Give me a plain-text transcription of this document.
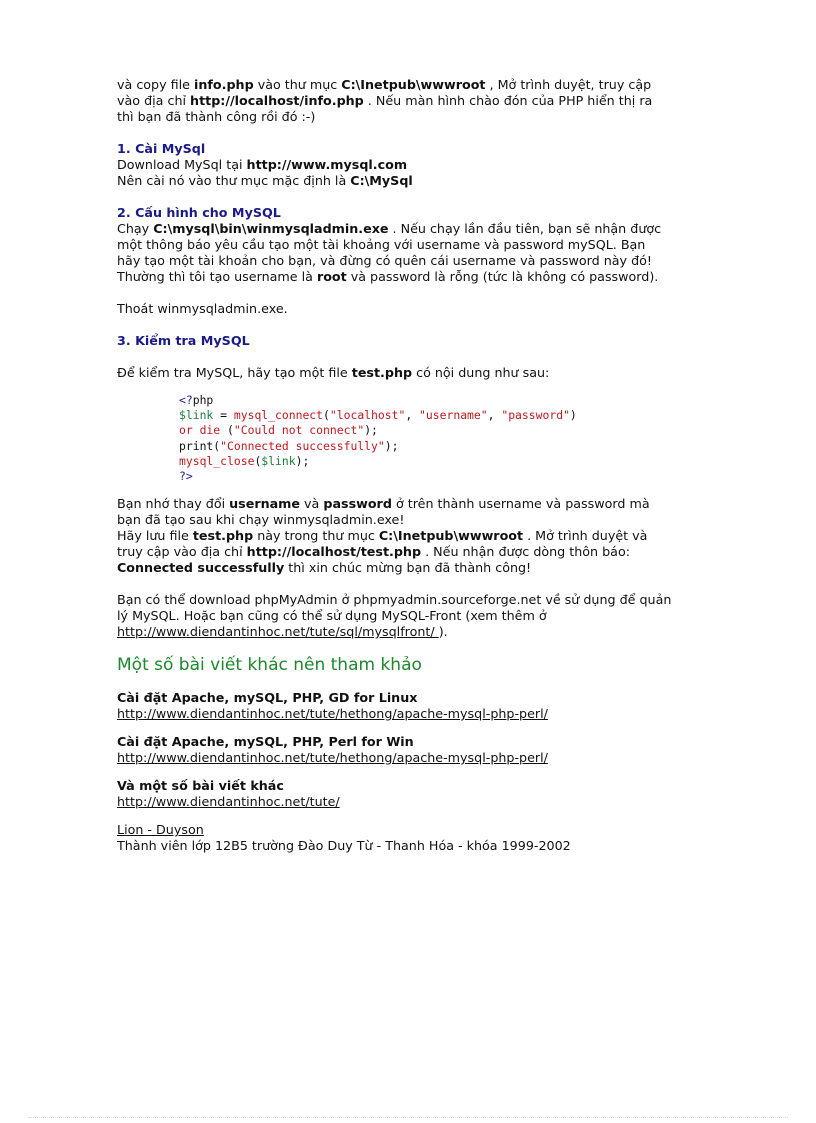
và copy file info.php vào thư mục C:\Inetpub\wwwroot , Mở trình duyệt, truy cập

vào địa chỉ http://localhost/info.php . Nếu màn hình chào đón của PHP hiển thị ra

thì bạn đã thành công rồi đó :-)

1. Cài MySql

Download MySql tại http://www.mysql.com

Nên cài nó vào thư mục mặc định là C:\MySql

2. Cấu hình cho MySQL

Chạy C:\mysql\bin\winmysqladmin.exe . Nếu chạy lần đầu tiên, bạn sẽ nhận được

một thông báo yêu cầu tạo một tài khoảng với username và password mySQL. Bạn

hãy tạo một tài khoản cho bạn, và đừng có quên cái username và password này đó!

Thường thì tôi tạo username là root và password là rỗng (tức là không có password).

Thoát winmysqladmin.exe.

3. Kiểm tra MySQL

Để kiểm tra MySQL, hãy tạo một file test.php có nội dung như sau:

<?php
$link = mysql_connect("localhost", "username", "password")
or die ("Could not connect");
print("Connected successfully");
mysql_close($link);
?>

Bạn nhớ thay đổi username và password ở trên thành username và password mà

bạn đã tạo sau khi chạy winmysqladmin.exe!

Hãy lưu file test.php này trong thư mục C:\Inetpub\wwwroot . Mở trình duyệt và

truy cập vào địa chỉ http://localhost/test.php . Nếu nhận được dòng thôn báo:

Connected successfully thì xin chúc mừng bạn đã thành công!

Bạn có thể download phpMyAdmin ở phpmyadmin.sourceforge.net về sử dụng để quản

lý MySQL. Hoặc bạn cũng có thể sử dụng MySQL-Front (xem thêm ở

http://www.diendantinhoc.net/tute/sql/mysqlfront/ ).

Một số bài viết khác nên tham khảo

Cài đặt Apache, mySQL, PHP, GD for Linux

http://www.diendantinhoc.net/tute/hethong/apache-mysql-php-perl/

Cài đặt Apache, mySQL, PHP, Perl for Win

http://www.diendantinhoc.net/tute/hethong/apache-mysql-php-perl/

Và một số bài viết khác

http://www.diendantinhoc.net/tute/

Lion - Duyson

Thành viên lớp 12B5 trường Đào Duy Từ - Thanh Hóa - khóa 1999-2002
